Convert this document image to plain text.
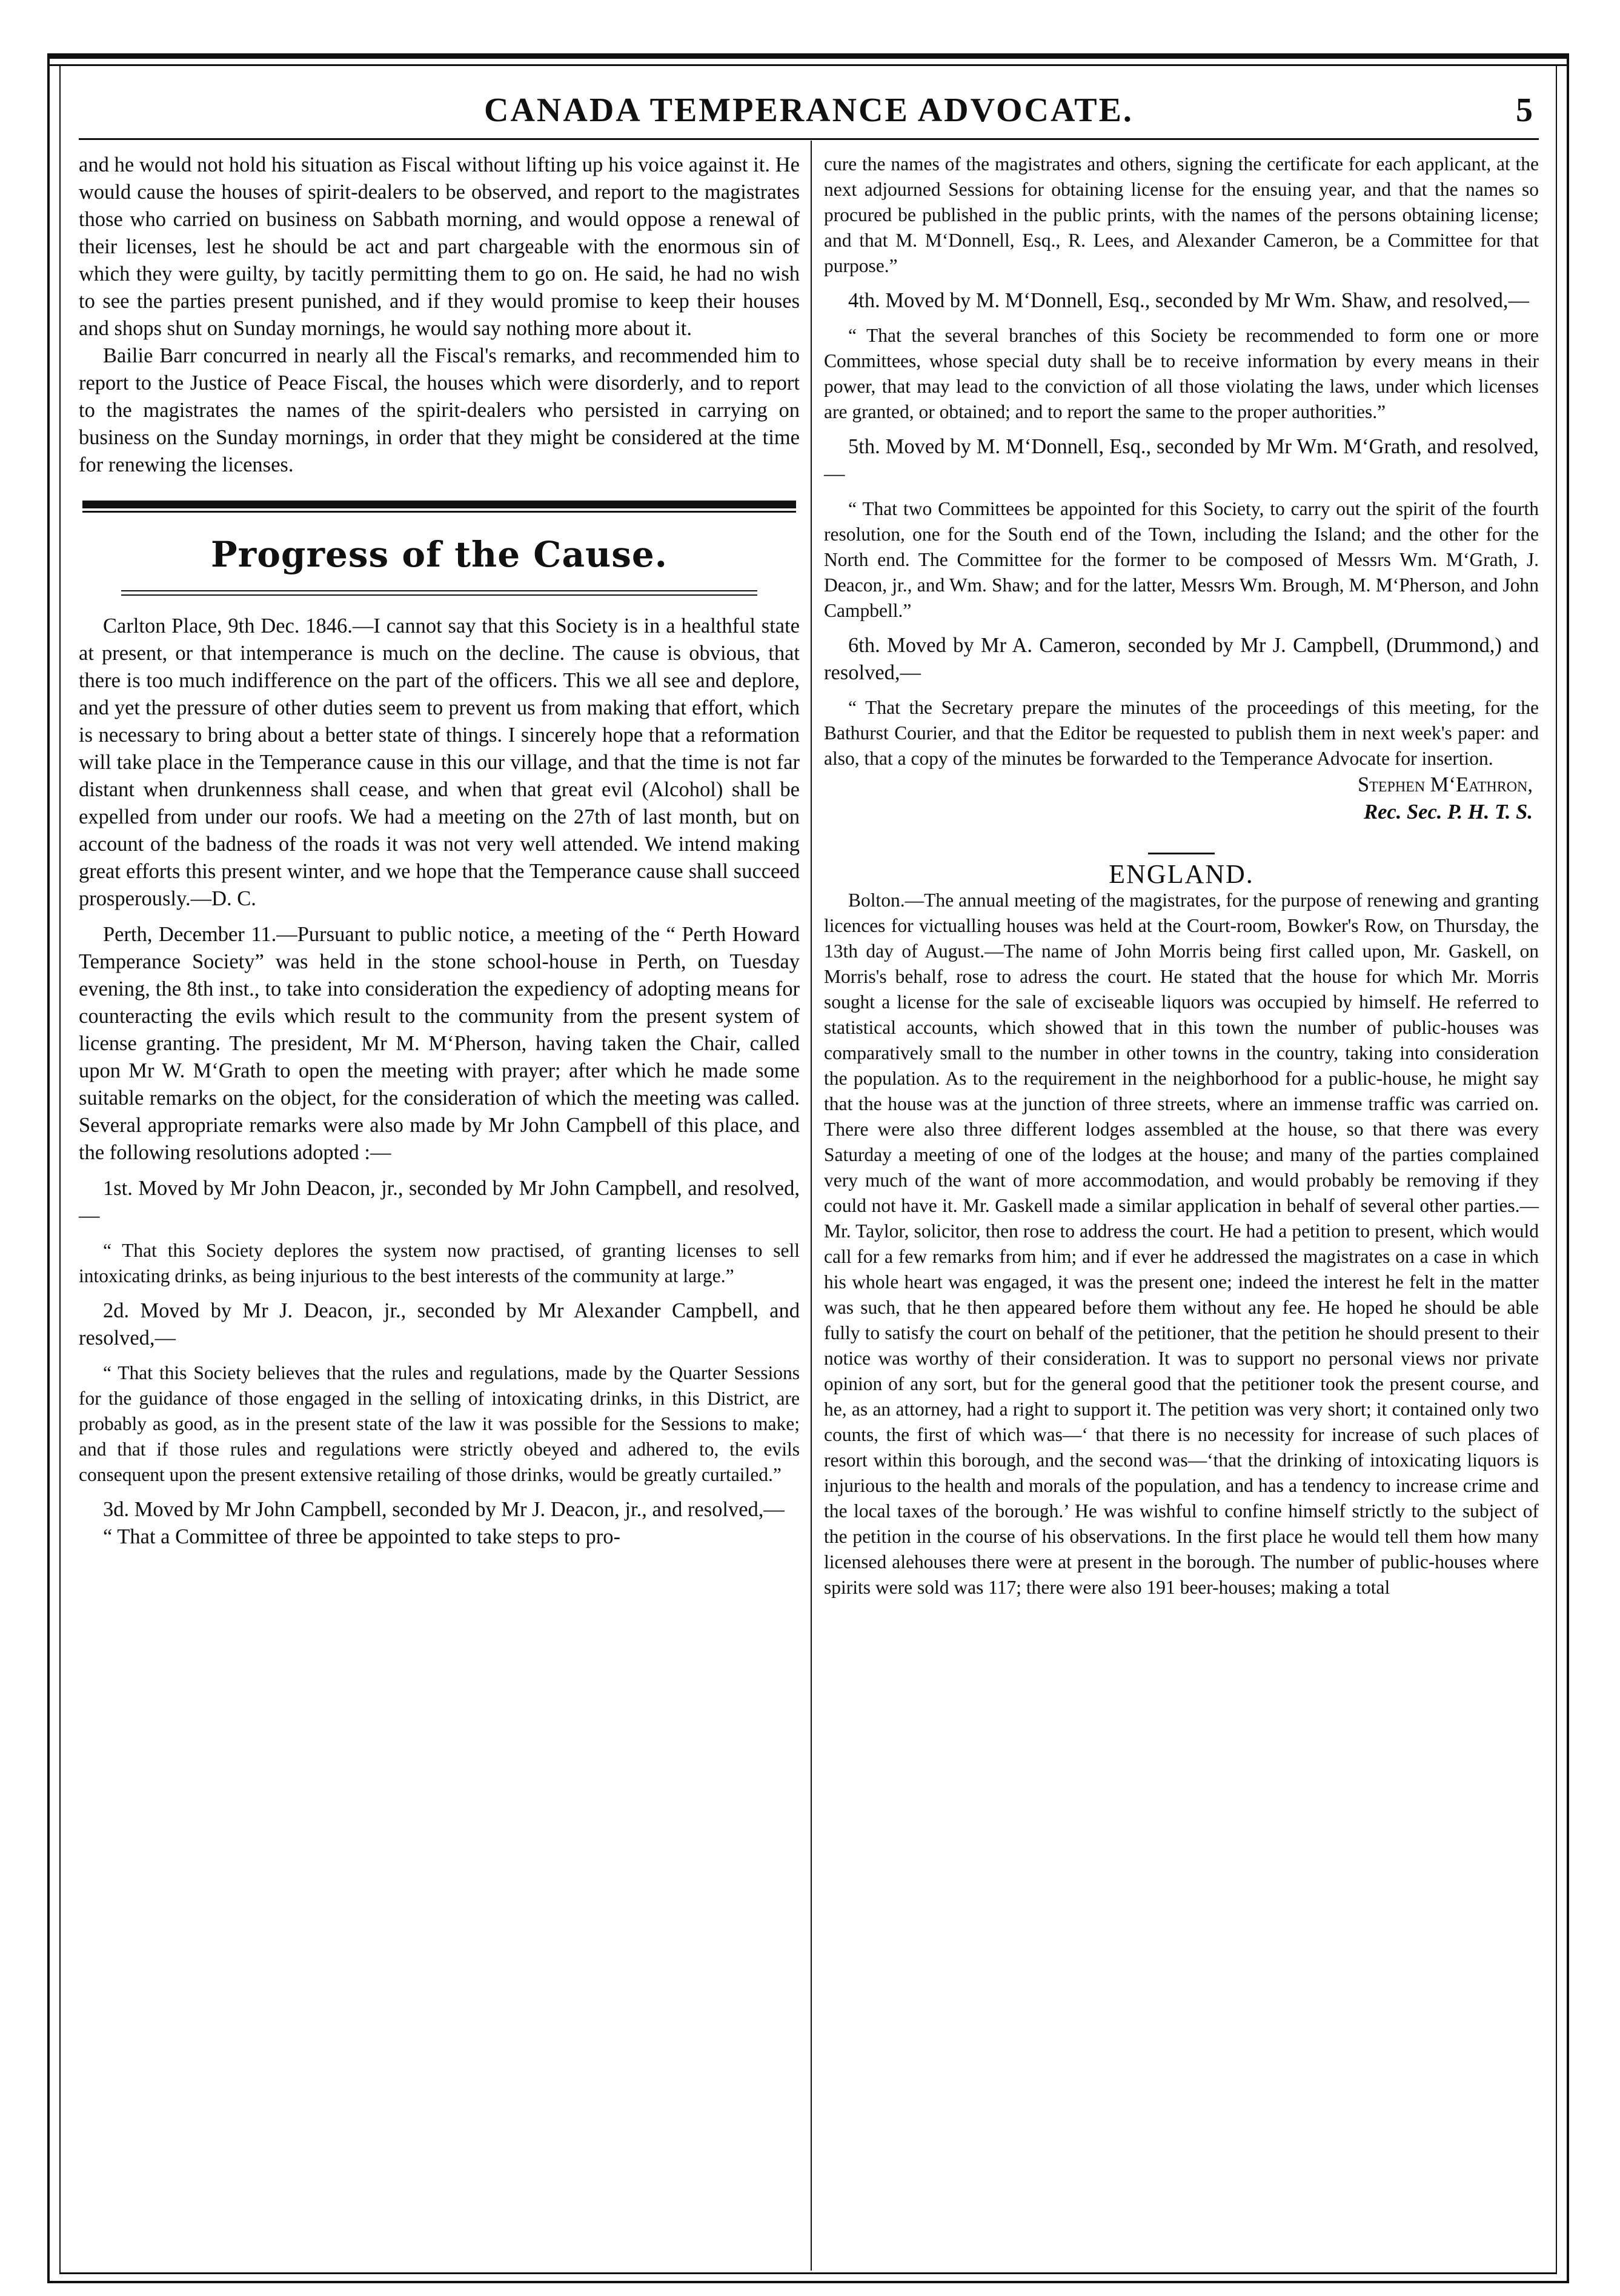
CANADA TEMPERANCE ADVOCATE.	5

and he would not hold his situation as Fiscal without lifting up his voice against it. He would cause the houses of spirit-dealers to be observed, and report to the magistrates those who carried on business on Sabbath morning, and would oppose a renewal of their licenses, lest he should be act and part chargeable with the enormous sin of which they were guilty, by tacitly permitting them to go on. He said, he had no wish to see the parties present punished, and if they would promise to keep their houses and shops shut on Sunday mornings, he would say nothing more about it.

Bailie Barr concurred in nearly all the Fiscal's remarks, and recommended him to report to the Justice of Peace Fiscal, the houses which were disorderly, and to report to the magistrates the names of the spirit-dealers who persisted in carrying on business on the Sunday mornings, in order that they might be considered at the time for renewing the licenses.

Progress of the Cause.

Carlton Place, 9th Dec. 1846.—I cannot say that this Society is in a healthful state at present, or that intemperance is much on the decline. The cause is obvious, that there is too much indifference on the part of the officers. This we all see and deplore, and yet the pressure of other duties seem to prevent us from making that effort, which is necessary to bring about a better state of things. I sincerely hope that a reformation will take place in the Temperance cause in this our village, and that the time is not far distant when drunkenness shall cease, and when that great evil (Alcohol) shall be expelled from under our roofs. We had a meeting on the 27th of last month, but on account of the badness of the roads it was not very well attended. We intend making great efforts this present winter, and we hope that the Temperance cause shall succeed prosperously.—D. C.

Perth, December 11.—Pursuant to public notice, a meeting of the “ Perth Howard Temperance Society” was held in the stone school-house in Perth, on Tuesday evening, the 8th inst., to take into consideration the expediency of adopting means for counteracting the evils which result to the community from the present system of license granting. The president, Mr M. M‘Pherson, having taken the Chair, called upon Mr W. M‘Grath to open the meeting with prayer; after which he made some suitable remarks on the object, for the consideration of which the meeting was called. Several appropriate remarks were also made by Mr John Campbell of this place, and the following resolutions adopted :—

1st. Moved by Mr John Deacon, jr., seconded by Mr John Campbell, and resolved,—

“ That this Society deplores the system now practised, of granting licenses to sell intoxicating drinks, as being injurious to the best interests of the community at large.”

2d. Moved by Mr J. Deacon, jr., seconded by Mr Alexander Campbell, and resolved,—

“ That this Society believes that the rules and regulations, made by the Quarter Sessions for the guidance of those engaged in the selling of intoxicating drinks, in this District, are probably as good, as in the present state of the law it was possible for the Sessions to make; and that if those rules and regulations were strictly obeyed and adhered to, the evils consequent upon the present extensive retailing of those drinks, would be greatly curtailed.”

3d. Moved by Mr John Campbell, seconded by Mr J. Deacon, jr., and resolved,—

“ That a Committee of three be appointed to take steps to pro-

cure the names of the magistrates and others, signing the certificate for each applicant, at the next adjourned Sessions for obtaining license for the ensuing year, and that the names so procured be published in the public prints, with the names of the persons obtaining license; and that M. M‘Donnell, Esq., R. Lees, and Alexander Cameron, be a Committee for that purpose.”

4th. Moved by M. M‘Donnell, Esq., seconded by Mr Wm. Shaw, and resolved,—

“ That the several branches of this Society be recommended to form one or more Committees, whose special duty shall be to receive information by every means in their power, that may lead to the conviction of all those violating the laws, under which licenses are granted, or obtained; and to report the same to the proper authorities.”

5th. Moved by M. M‘Donnell, Esq., seconded by Mr Wm. M‘Grath, and resolved,—

“ That two Committees be appointed for this Society, to carry out the spirit of the fourth resolution, one for the South end of the Town, including the Island; and the other for the North end. The Committee for the former to be composed of Messrs Wm. M‘Grath, J. Deacon, jr., and Wm. Shaw; and for the latter, Messrs Wm. Brough, M. M‘Pherson, and John Campbell.”

6th. Moved by Mr A. Cameron, seconded by Mr J. Campbell, (Drummond,) and resolved,—

“ That the Secretary prepare the minutes of the proceedings of this meeting, for the Bathurst Courier, and that the Editor be requested to publish them in next week's paper: and also, that a copy of the minutes be forwarded to the Temperance Advocate for insertion.

Stephen M‘Eathron,

Rec. Sec. P. H. T. S.

ENGLAND.

Bolton.—The annual meeting of the magistrates, for the purpose of renewing and granting licences for victualling houses was held at the Court-room, Bowker's Row, on Thursday, the 13th day of August.—The name of John Morris being first called upon, Mr. Gaskell, on Morris's behalf, rose to adress the court. He stated that the house for which Mr. Morris sought a license for the sale of exciseable liquors was occupied by himself. He referred to statistical accounts, which showed that in this town the number of public-houses was comparatively small to the number in other towns in the country, taking into consideration the population. As to the requirement in the neighborhood for a public-house, he might say that the house was at the junction of three streets, where an immense traffic was carried on. There were also three different lodges assembled at the house, so that there was every Saturday a meeting of one of the lodges at the house; and many of the parties complained very much of the want of more accommodation, and would probably be removing if they could not have it. Mr. Gaskell made a similar application in behalf of several other parties.—Mr. Taylor, solicitor, then rose to address the court. He had a petition to present, which would call for a few remarks from him; and if ever he addressed the magistrates on a case in which his whole heart was engaged, it was the present one; indeed the interest he felt in the matter was such, that he then appeared before them without any fee. He hoped he should be able fully to satisfy the court on behalf of the petitioner, that the petition he should present to their notice was worthy of their consideration. It was to support no personal views nor private opinion of any sort, but for the general good that the petitioner took the present course, and he, as an attorney, had a right to support it. The petition was very short; it contained only two counts, the first of which was—‘ that there is no necessity for increase of such places of resort within this borough, and the second was—‘that the drinking of intoxicating liquors is injurious to the health and morals of the population, and has a tendency to increase crime and the local taxes of the borough.’ He was wishful to confine himself strictly to the subject of the petition in the course of his observations. In the first place he would tell them how many licensed alehouses there were at present in the borough. The number of public-houses where spirits were sold was 117; there were also 191 beer-houses; making a total
